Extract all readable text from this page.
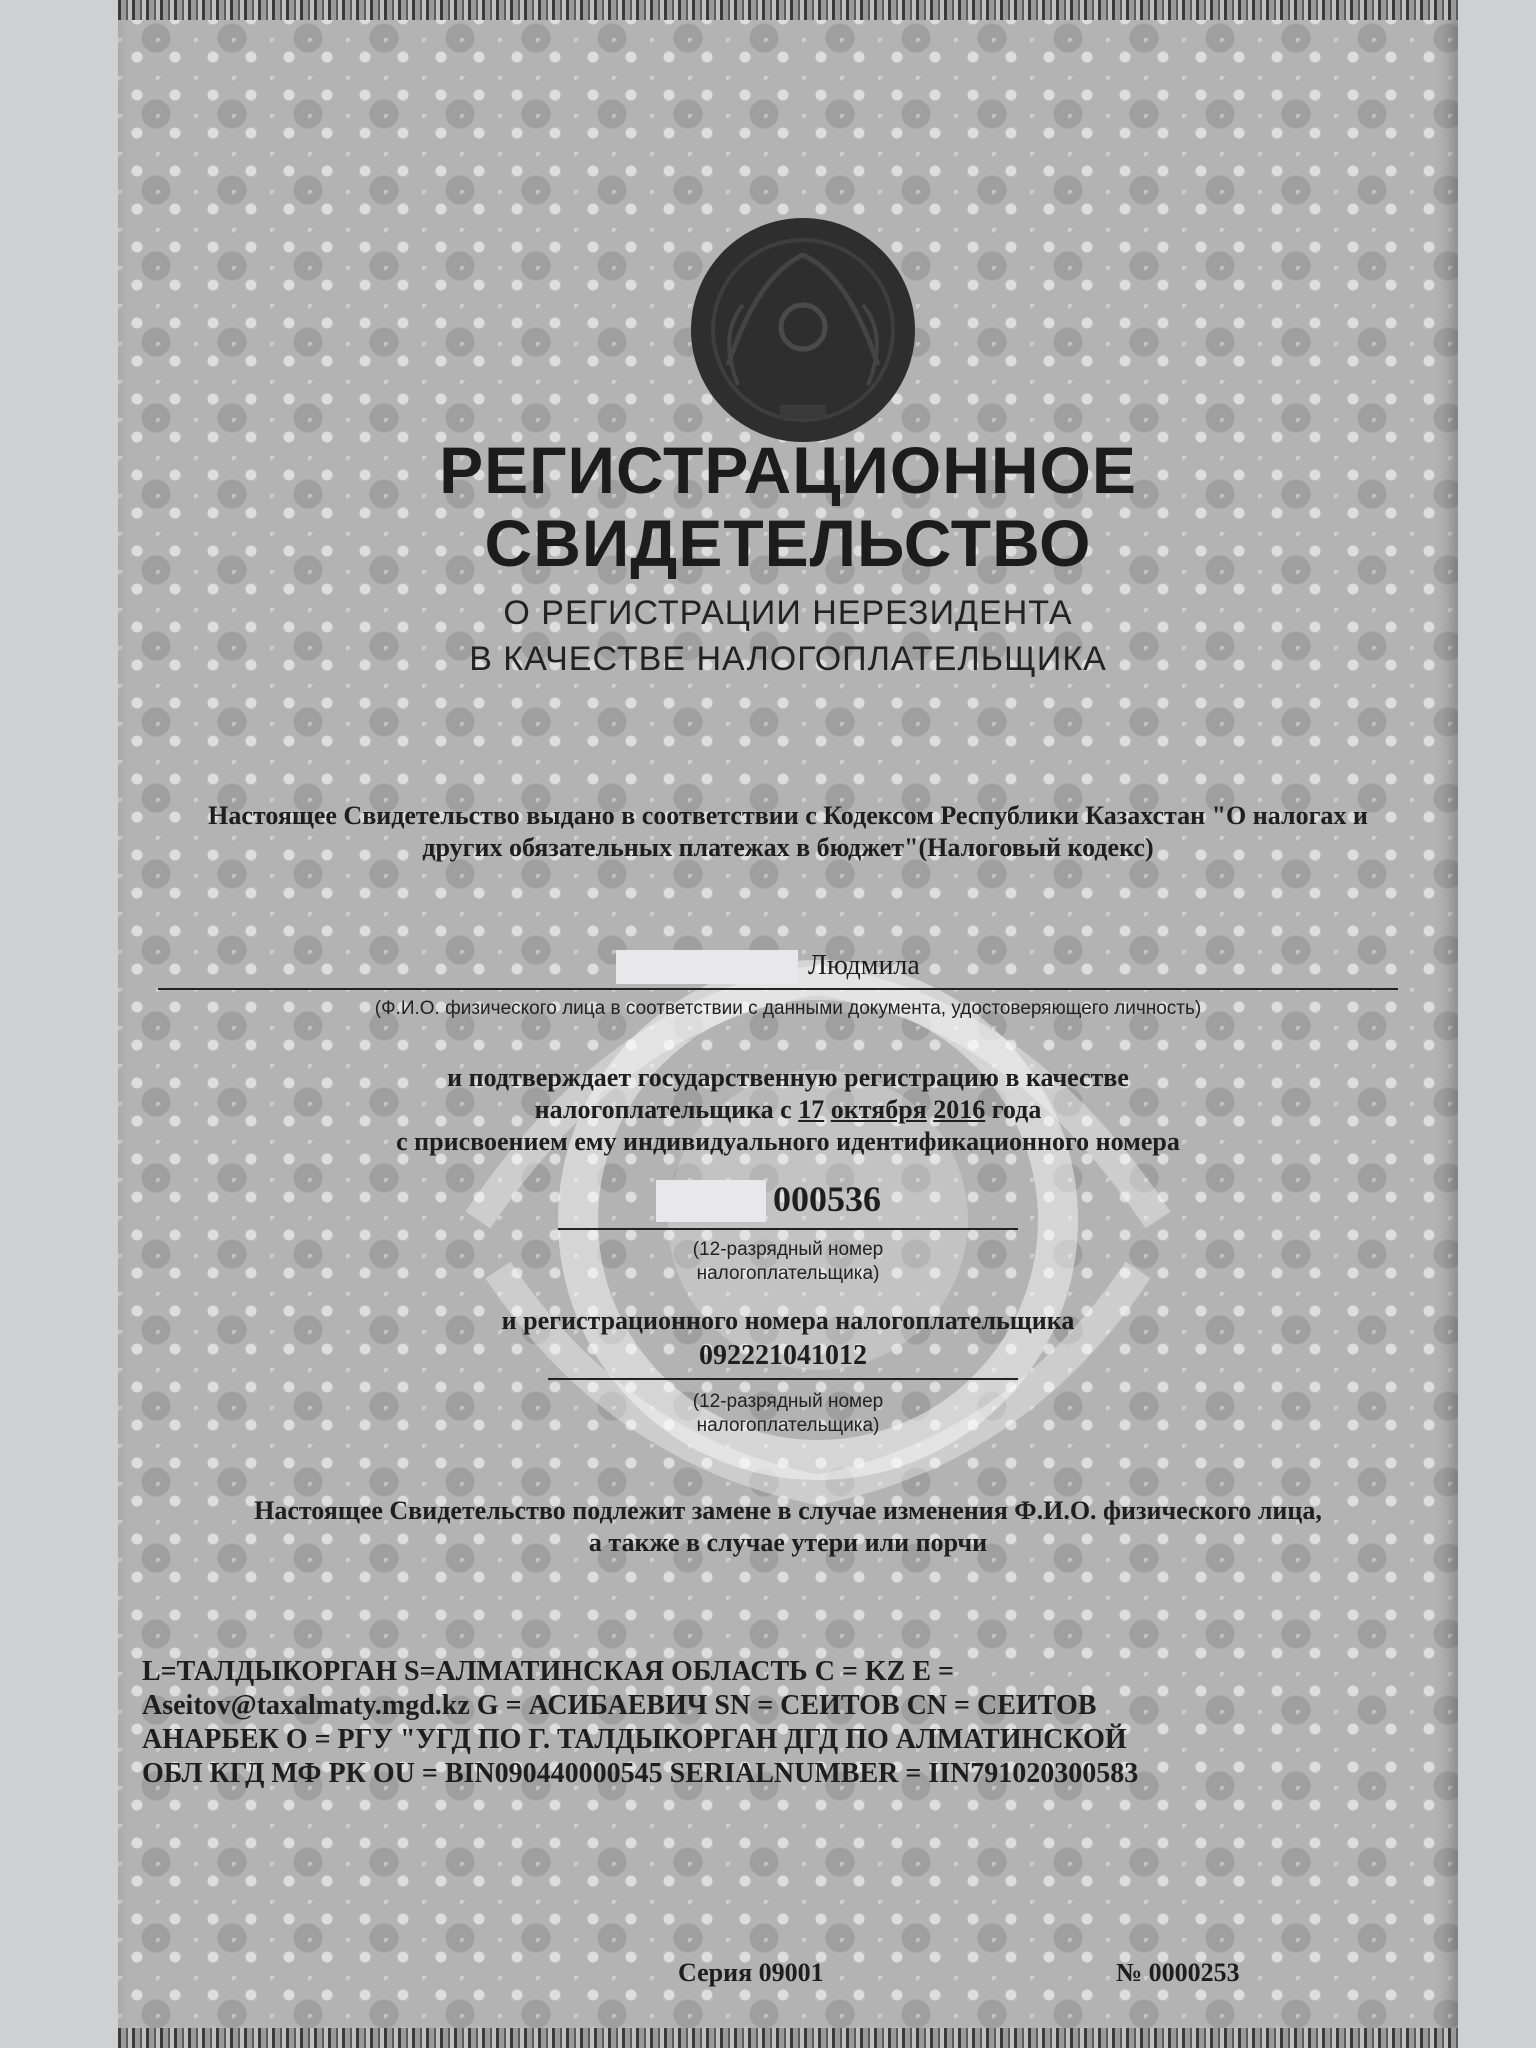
РЕГИСТРАЦИОННОЕ
СВИДЕТЕЛЬСТВО
О РЕГИСТРАЦИИ НЕРЕЗИДЕНТА
В КАЧЕСТВЕ НАЛОГОПЛАТЕЛЬЩИКА
Настоящее Свидетельство выдано в соответствии с Кодексом Республики Казахстан "О налогах и других обязательных платежах в бюджет"(Налоговый кодекс)
Людмила
(Ф.И.О. физического лица в соответствии с данными документа, удостоверяющего личность)
и подтверждает государственную регистрацию в качестве
налогоплательщика с 17 октября 2016 года
с присвоением ему индивидуального идентификационного номера
000536
(12-разрядный номер
налогоплательщика)
и регистрационного номера налогоплательщика
092221041012
(12-разрядный номер
налогоплательщика)
Настоящее Свидетельство подлежит замене в случае изменения Ф.И.О. физического лица,
а также в случае утери или порчи
L=ТАЛДЫКОРГАН S=АЛМАТИНСКАЯ ОБЛАСТЬ C = KZ E =
Aseitov@taxalmaty.mgd.kz G = АСИБАЕВИЧ SN = СЕИТОВ CN = СЕИТОВ
АНАРБЕК O = РГУ "УГД ПО Г. ТАЛДЫКОРГАН ДГД ПО АЛМАТИНСКОЙ
ОБЛ КГД МФ РК OU = BIN090440000545 SERIALNUMBER = IIN791020300583
Серия 09001	№ 0000253
